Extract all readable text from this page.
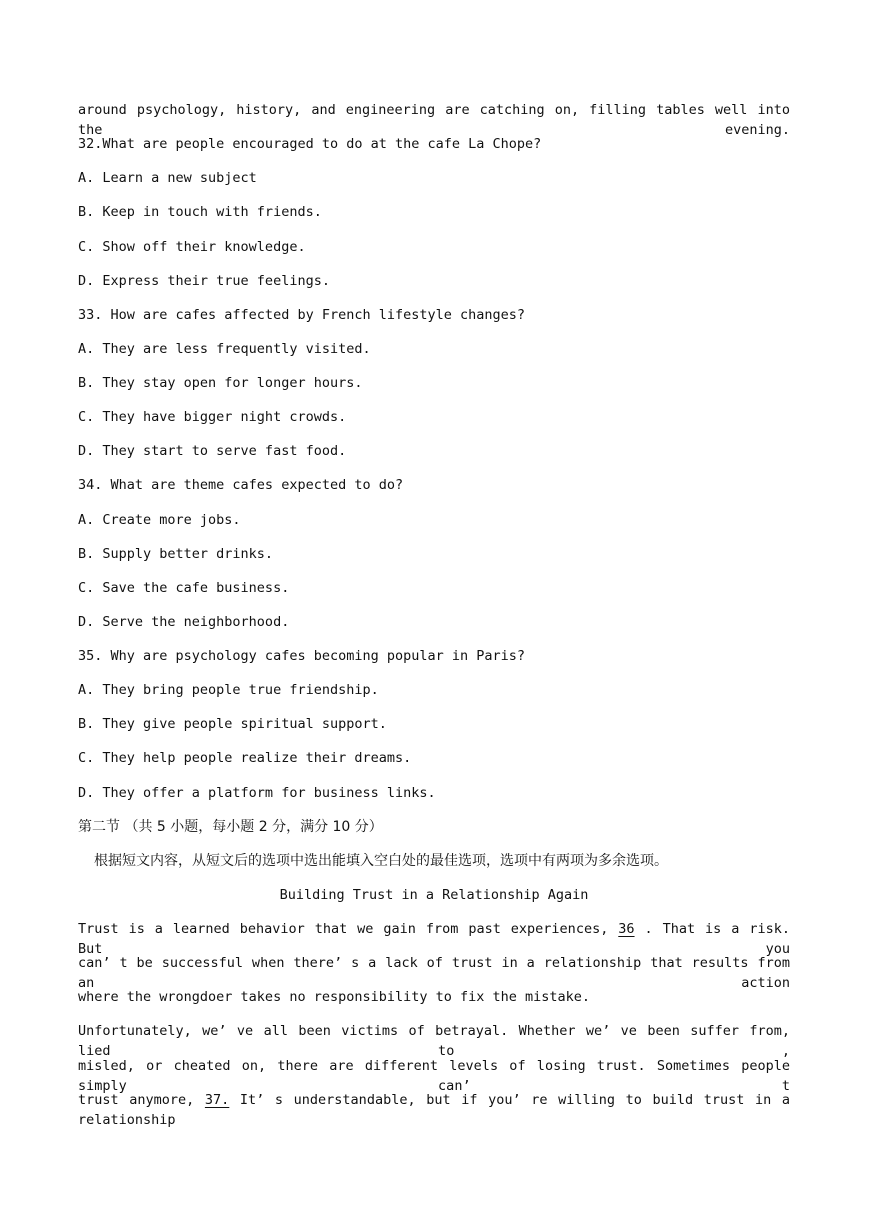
around psychology, history, and engineering are catching on, filling tables well into the evening.
32.What are people encouraged to do at the cafe La Chope?
A. Learn a new subject
B. Keep in touch with friends.
C. Show off their knowledge.
D. Express their true feelings.
33. How are cafes affected by French lifestyle changes?
A. They are less frequently visited.
B. They stay open for longer hours.
C. They have bigger night crowds.
D. They start to serve fast food.
34. What are theme cafes expected to do?
A. Create more jobs.
B. Supply better drinks.
C. Save the cafe business.
D. Serve the neighborhood.
35. Why are psychology cafes becoming popular in Paris?
A. They bring people true friendship.
B. They give people spiritual support.
C. They help people realize their dreams.
D. They offer a platform for business links.
第二节 （共 5 小题，每小题 2 分，满分 10 分）
根据短文内容，从短文后的选项中选出能填入空白处的最佳选项，选项中有两项为多余选项。
Building Trust in a Relationship Again
Trust is a learned behavior that we gain from past experiences, 36 . That is a risk. But you
can’ t be successful when there’ s a lack of trust in a relationship that results from an action
where the wrongdoer takes no responsibility to fix the mistake.
Unfortunately, we’ ve all been victims of betrayal. Whether we’ ve been suffer from, lied to ,
misled, or cheated on, there are different levels of losing trust. Sometimes people simply can’ t
trust anymore, 37. It’ s understandable, but if you’ re willing to build trust in a relationship
